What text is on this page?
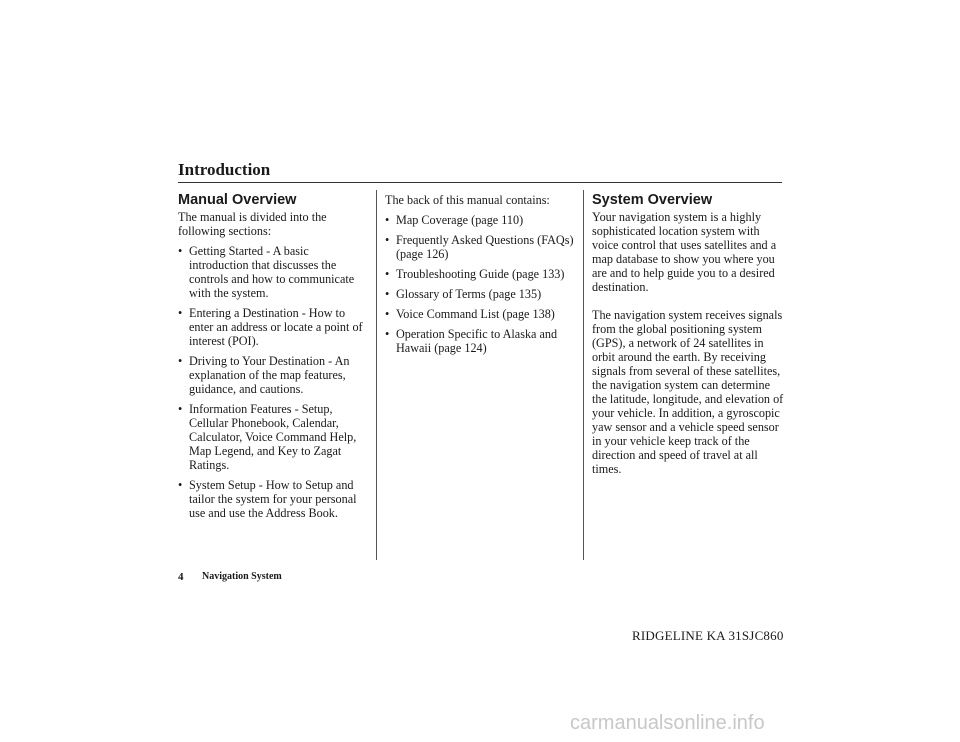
Introduction
Manual Overview

The manual is divided into the following sections:

• Getting Started - A basic introduction that discusses the controls and how to communicate with the system.
• Entering a Destination - How to enter an address or locate a point of interest (POI).
• Driving to Your Destination - An explanation of the map features, guidance, and cautions.
• Information Features - Setup, Cellular Phonebook, Calendar, Calculator, Voice Command Help, Map Legend, and Key to Zagat Ratings.
• System Setup - How to Setup and tailor the system for your personal use and use the Address Book.

The back of this manual contains:

• Map Coverage (page 110)
• Frequently Asked Questions (FAQs) (page 126)
• Troubleshooting Guide (page 133)
• Glossary of Terms (page 135)
• Voice Command List (page 138)
• Operation Specific to Alaska and Hawaii (page 124)
System Overview

Your navigation system is a highly sophisticated location system with voice control that uses satellites and a map database to show you where you are and to help guide you to a desired destination.

The navigation system receives signals from the global positioning system (GPS), a network of 24 satellites in orbit around the earth. By receiving signals from several of these satellites, the navigation system can determine the latitude, longitude, and elevation of your vehicle. In addition, a gyroscopic yaw sensor and a vehicle speed sensor in your vehicle keep track of the direction and speed of travel at all times.

4 Navigation System
RIDGELINE KA 31SJC860
carmanualsonline.info
